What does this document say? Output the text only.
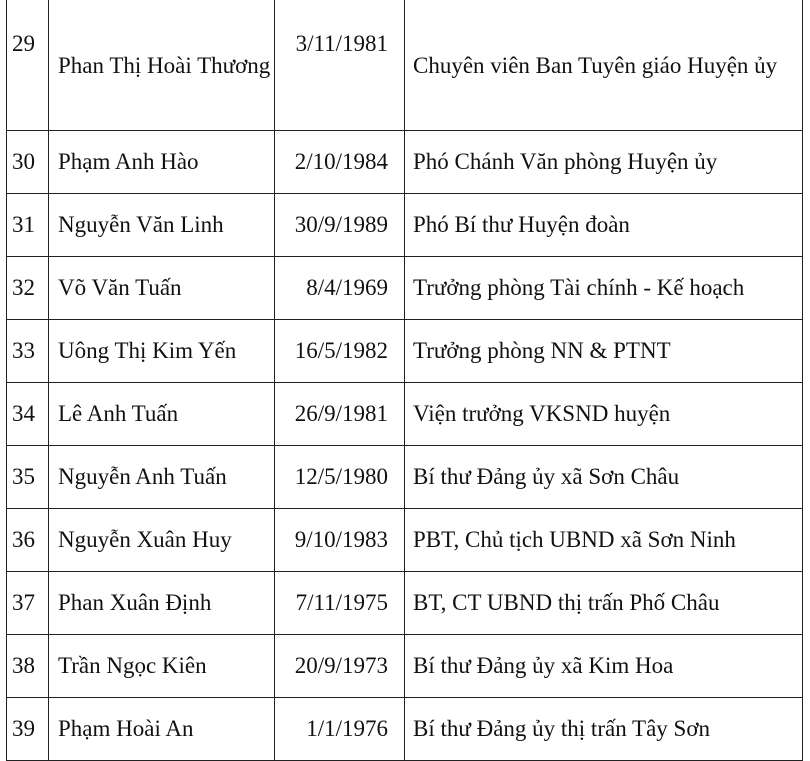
29	Phan Thị Hoài Thương	3/11/1981	Chuyên viên Ban Tuyên giáo Huyện ủy
30	Phạm Anh Hào	2/10/1984	Phó Chánh Văn phòng Huyện ủy
31	Nguyễn Văn Linh	30/9/1989	Phó Bí thư Huyện đoàn
32	Võ Văn Tuấn	8/4/1969	Trưởng phòng Tài chính - Kế hoạch
33	Uông Thị Kim Yến	16/5/1982	Trưởng phòng NN & PTNT
34	Lê Anh Tuấn	26/9/1981	Viện trưởng VKSND huyện
35	Nguyễn Anh Tuấn	12/5/1980	Bí thư Đảng ủy xã Sơn Châu
36	Nguyễn Xuân Huy	9/10/1983	PBT, Chủ tịch UBND xã Sơn Ninh
37	Phan Xuân Định	7/11/1975	BT, CT UBND thị trấn Phố Châu
38	Trần Ngọc Kiên	20/9/1973	Bí thư Đảng ủy xã Kim Hoa
39	Phạm Hoài An	1/1/1976	Bí thư Đảng ủy thị trấn Tây Sơn
